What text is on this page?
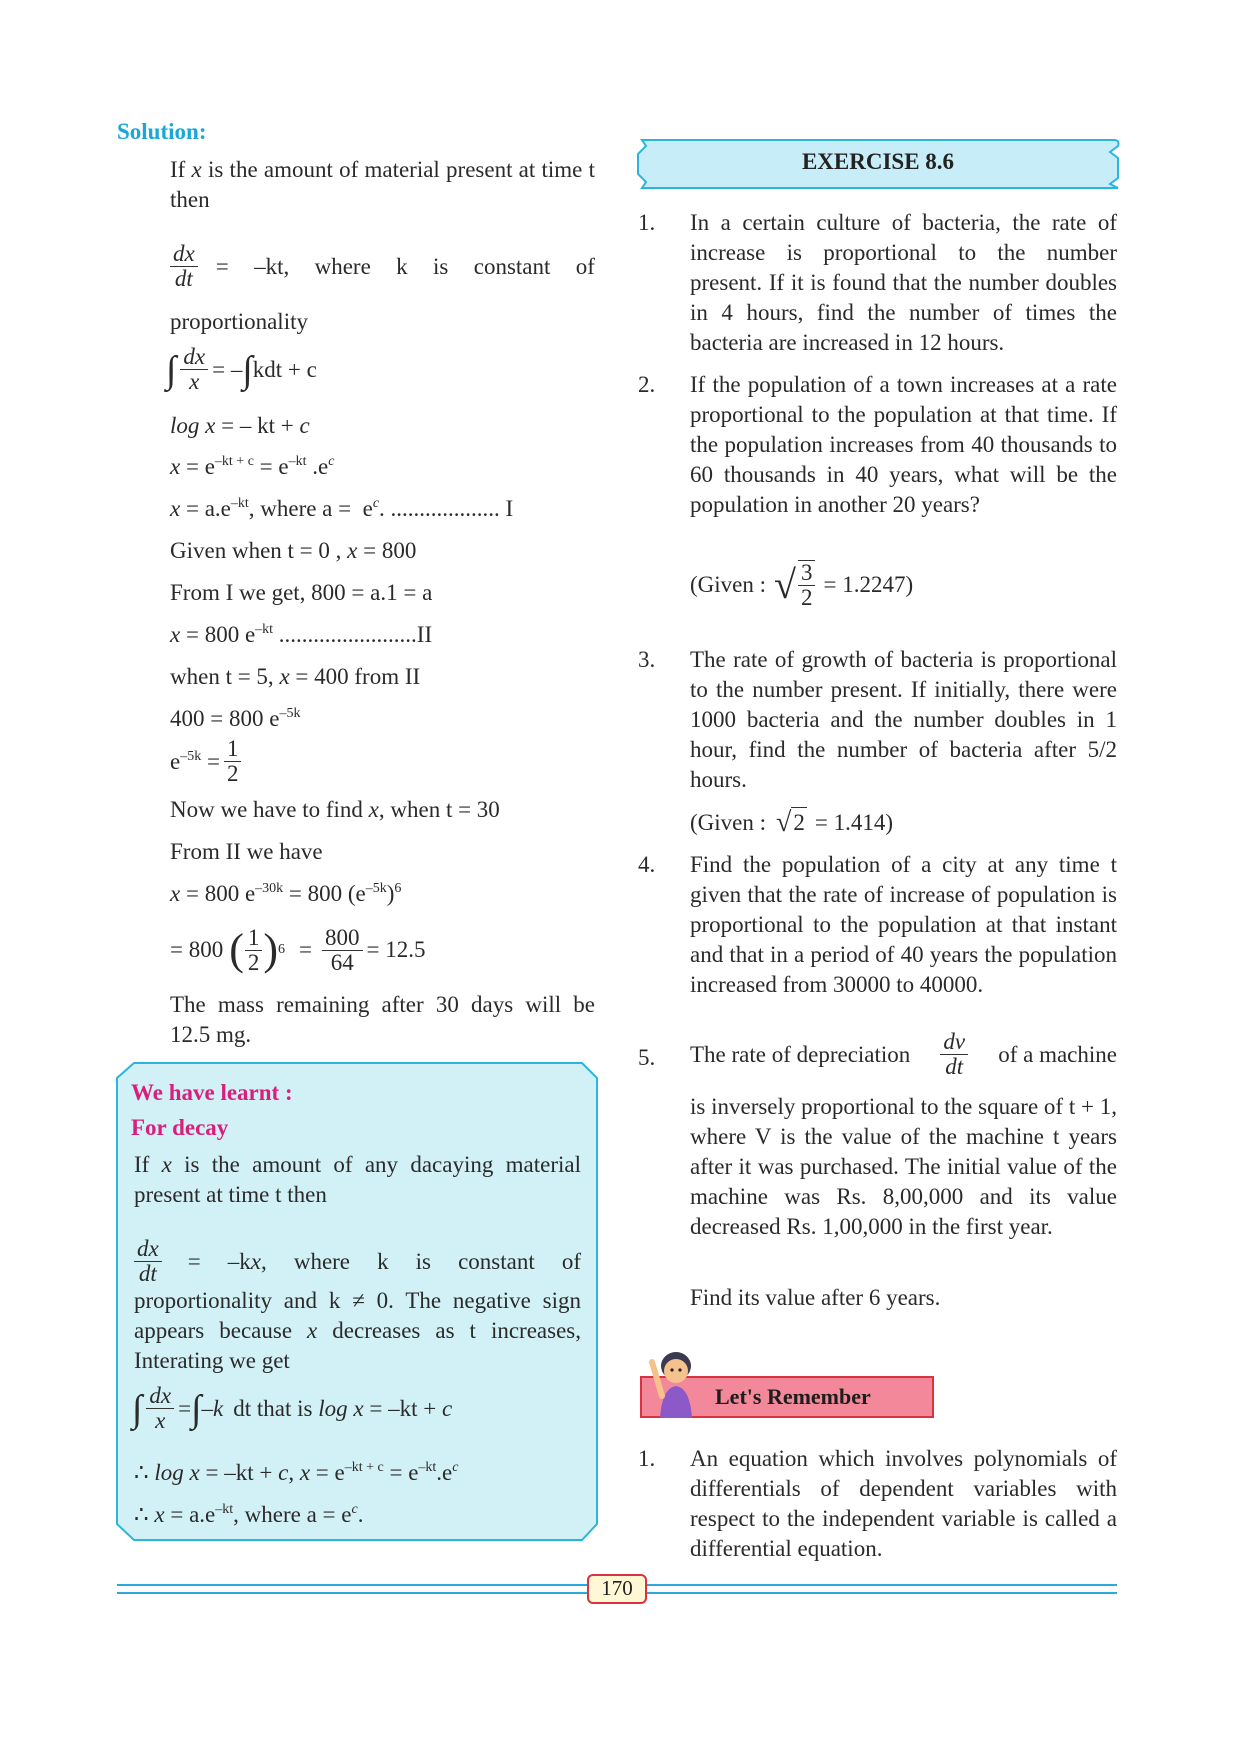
Solution:
If x is the amount of material present at time t then
$\frac{dx}{dt} = -kt$, where k is constant of
proportionality
∫ $\frac{dx}{x}$ = – ∫ kdt + c
log x = – kt + c
$x = e^{-kt + c} = e^{-kt}$ $.e^c$
$x = a.e^{-kt}$, where $a = e^c$. ................... I
Given when t = 0 , x = 800
From I we get, 800 = a.1 = a
x = 800 $e^{-kt}$ ........................II
when t = 5, x = 400 from II
400 = 800 $e^{-5k}$
$e^{-5k} = \frac{1}{2}$
Now we have to find x, when t = 30
From II we have
x = 800 $e^{-30k} = 800$ $(e^{-5k})^6$
= 800 ( $\frac{1}{2}$ ) $6 = \frac{800}{64} = 12.5$
The mass remaining after 30 days will be 12.5 mg.
We have learnt :
For decay
If x is the amount of any dacaying material present at time t then
$\frac{dx}{dt} = -kx$, where k is constant of
proportionality and k ≠ 0. The negative sign appears because x decreases as t increases, Interating we get
∫ $\frac{dx}{x}$ = ∫ –k dt that is log x = –kt + c
∴ log x = –kt + c, $x = e^{-kt + c} = e^{-kt}.e^c$
∴ $x = a.e^{-kt}$, where $a = e^c$.
EXERCISE 8.6
1.	In a certain culture of bacteria, the rate of increase is proportional to the number present. If it is found that the number doubles in 4 hours, find the number of times the bacteria are increased in 12 hours.
2.	If the population of a town increases at a rate proportional to the population at that time. If the population increases from 40 thousands to 60 thousands in 40 years, what will be the population in another 20 years?
(Given : √ $\frac{3}{2} = 1.2247$)
3.	The rate of growth of bacteria is proportional to the number present. If initially, there were 1000 bacteria and the number doubles in 1 hour, find the number of bacteria after 5/2 hours.
(Given : √ 2 = 1.414)
4.	Find the population of a city at any time t given that the rate of increase of population is proportional to the population at that instant and that in a period of 40 years the population increased from 30000 to 40000.
5.	The rate of depreciation $\frac{dv}{dt}$ of a machine
is inversely proportional to the square of t + 1, where V is the value of the machine t years after it was purchased. The initial value of the machine was Rs. 8,00,000 and its value decreased Rs. 1,00,000 in the first year.
Find its value after 6 years.
Let's Remember
1.	An equation which involves polynomials of differentials of dependent variables with respect to the independent variable is called a differential equation.
170
